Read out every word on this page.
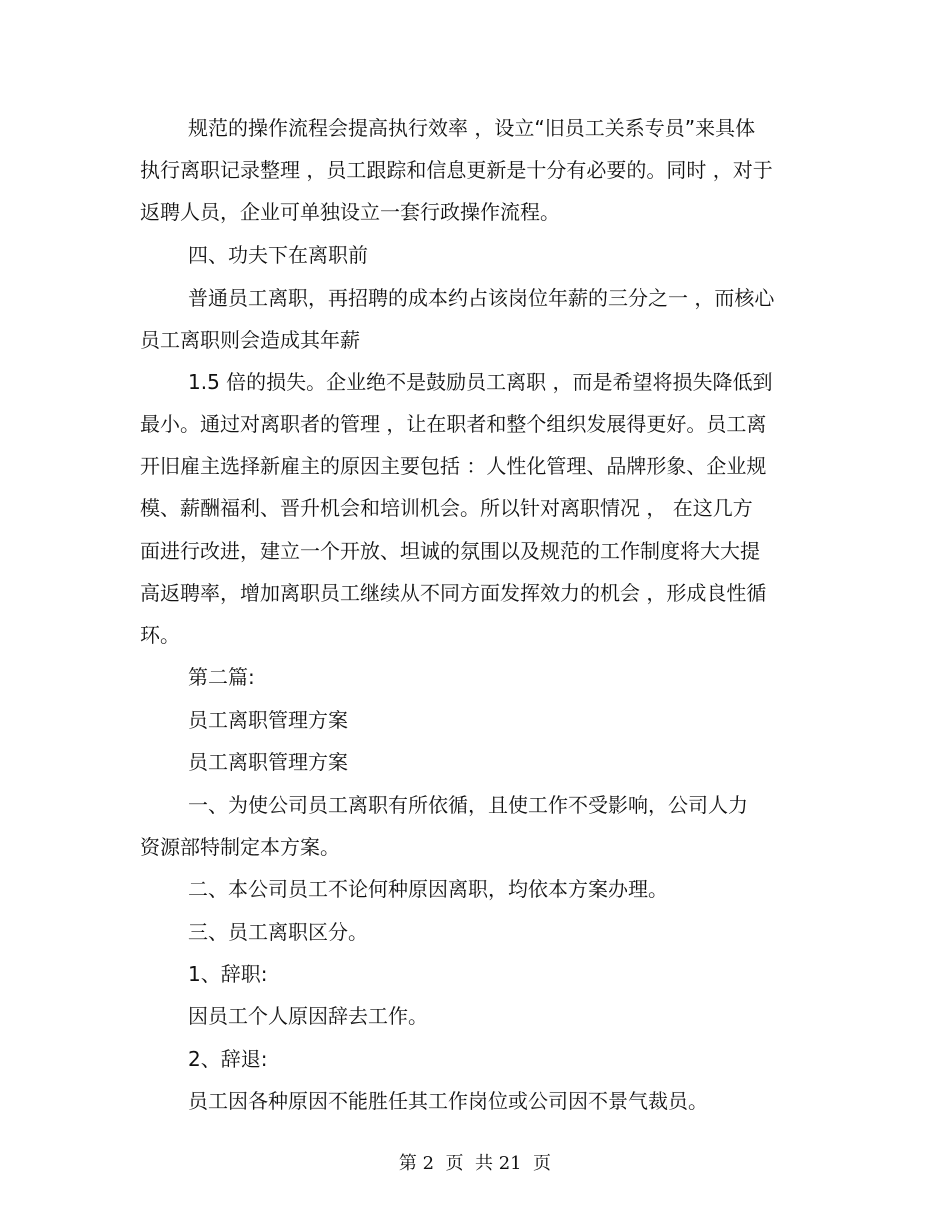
规范的操作流程会提高执行效率 ，设立“旧员工关系专员”来具体
执行离职记录整理 ，员工跟踪和信息更新是十分有必要的。同时 ，对于
返聘人员，企业可单独设立一套行政操作流程。
四、功夫下在离职前
普通员工离职，再招聘的成本约占该岗位年薪的三分之一 ，而核心
员工离职则会造成其年薪
1.5 倍的损失。企业绝不是鼓励员工离职 ，而是希望将损失降低到
最小。通过对离职者的管理 ，让在职者和整个组织发展得更好。员工离
开旧雇主选择新雇主的原因主要包括 ：人性化管理、品牌形象、企业规
模、薪酬福利、晋升机会和培训机会。所以针对离职情况 ， 在这几方
面进行改进，建立一个开放、坦诚的氛围以及规范的工作制度将大大提
高返聘率，增加离职员工继续从不同方面发挥效力的机会 ，形成良性循
环。
第二篇:
员工离职管理方案
员工离职管理方案
一、为使公司员工离职有所依循，且使工作不受影响，公司人力
资源部特制定本方案。
二、本公司员工不论何种原因离职，均依本方案办理。
三、员工离职区分。
1、辞职:
因员工个人原因辞去工作。
2、辞退:
员工因各种原因不能胜任其工作岗位或公司因不景气裁员。
第 2  页  共 21  页
